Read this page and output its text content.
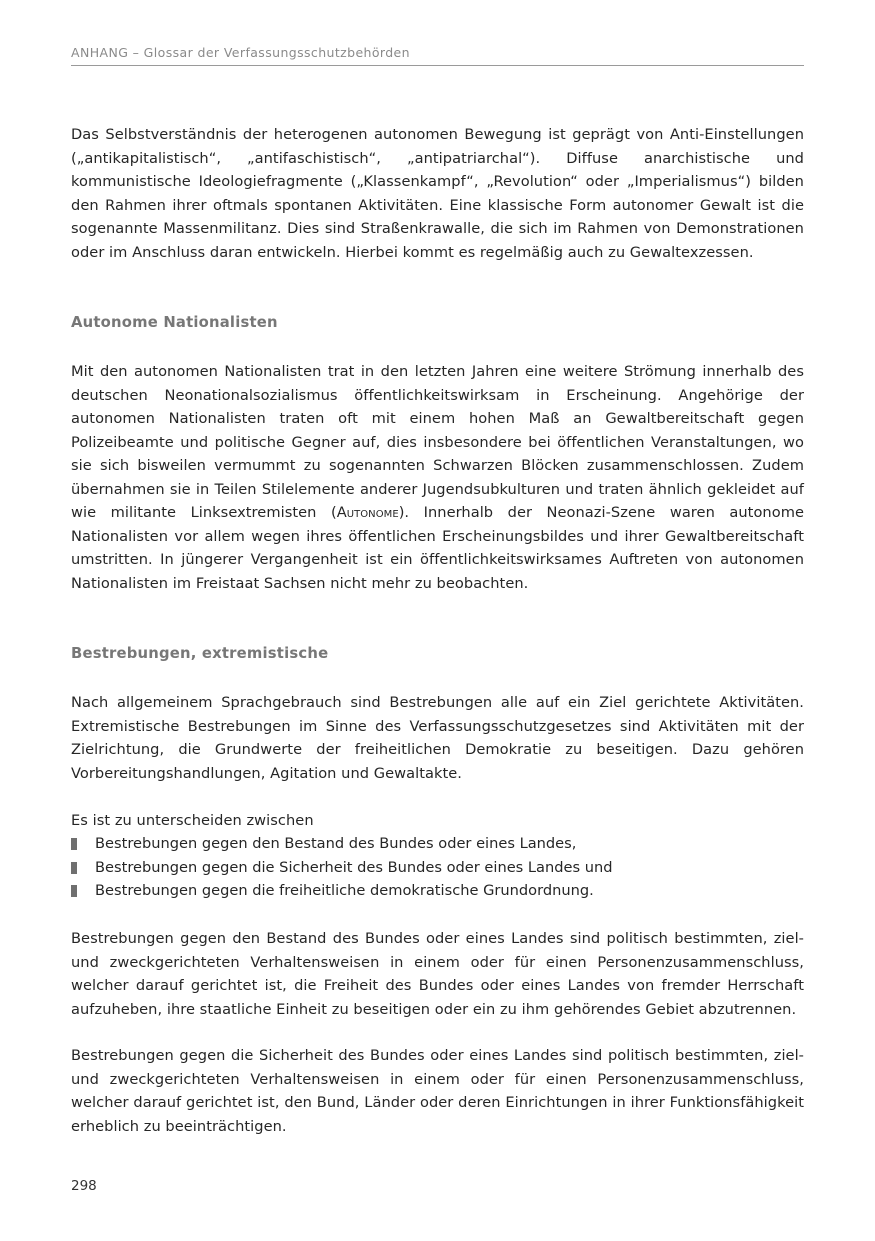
ANHANG – Glossar der Verfassungsschutzbehörden

Das Selbstverständnis der heterogenen autonomen Bewegung ist geprägt von Anti-Einstellungen („antikapitalistisch“, „antifaschistisch“, „antipatriarchal“). Diffuse anarchistische und kommunistische Ideologiefragmente („Klassenkampf“, „Revolution“ oder „Imperialismus“) bilden den Rahmen ihrer oftmals spontanen Aktivitäten. Eine klassische Form autonomer Gewalt ist die sogenannte Massenmilitanz. Dies sind Straßenkrawalle, die sich im Rahmen von Demonstrationen oder im Anschluss daran entwickeln. Hierbei kommt es regelmäßig auch zu Gewaltexzessen.

Autonome Nationalisten

Mit den autonomen Nationalisten trat in den letzten Jahren eine weitere Strömung innerhalb des deutschen Neonationalsozialismus öffentlichkeitswirksam in Erscheinung. Angehörige der autonomen Nationalisten traten oft mit einem hohen Maß an Gewaltbereitschaft gegen Polizeibeamte und politische Gegner auf, dies insbesondere bei öffentlichen Veranstaltungen, wo sie sich bisweilen vermummt zu sogenannten Schwarzen Blöcken zusammenschlossen. Zudem übernahmen sie in Teilen Stilelemente anderer Jugendsubkulturen und traten ähnlich gekleidet auf wie militante Linksextremisten (Autonome). Innerhalb der Neonazi-Szene waren autonome Nationalisten vor allem wegen ihres öffentlichen Erscheinungsbildes und ihrer Gewaltbereitschaft umstritten. In jüngerer Vergangenheit ist ein öffentlichkeitswirksames Auftreten von autonomen Nationalisten im Freistaat Sachsen nicht mehr zu beobachten.

Bestrebungen, extremistische

Nach allgemeinem Sprachgebrauch sind Bestrebungen alle auf ein Ziel gerichtete Aktivitäten. Extremistische Bestrebungen im Sinne des Verfassungsschutzgesetzes sind Aktivitäten mit der Zielrichtung, die Grundwerte der freiheitlichen Demokratie zu beseitigen. Dazu gehören Vorbereitungshandlungen, Agitation und Gewaltakte.

Es ist zu unterscheiden zwischen

Bestrebungen gegen den Bestand des Bundes oder eines Landes,
Bestrebungen gegen die Sicherheit des Bundes oder eines Landes und
Bestrebungen gegen die freiheitliche demokratische Grundordnung.

Bestrebungen gegen den Bestand des Bundes oder eines Landes sind politisch bestimmten, ziel- und zweckgerichteten Verhaltensweisen in einem oder für einen Personenzusammenschluss, welcher darauf gerichtet ist, die Freiheit des Bundes oder eines Landes von fremder Herrschaft aufzuheben, ihre staatliche Einheit zu beseitigen oder ein zu ihm gehörendes Gebiet abzutrennen.

Bestrebungen gegen die Sicherheit des Bundes oder eines Landes sind politisch bestimmten, ziel- und zweckgerichteten Verhaltensweisen in einem oder für einen Personenzusammenschluss, welcher darauf gerichtet ist, den Bund, Länder oder deren Einrichtungen in ihrer Funktionsfähigkeit erheblich zu beeinträchtigen.

298
